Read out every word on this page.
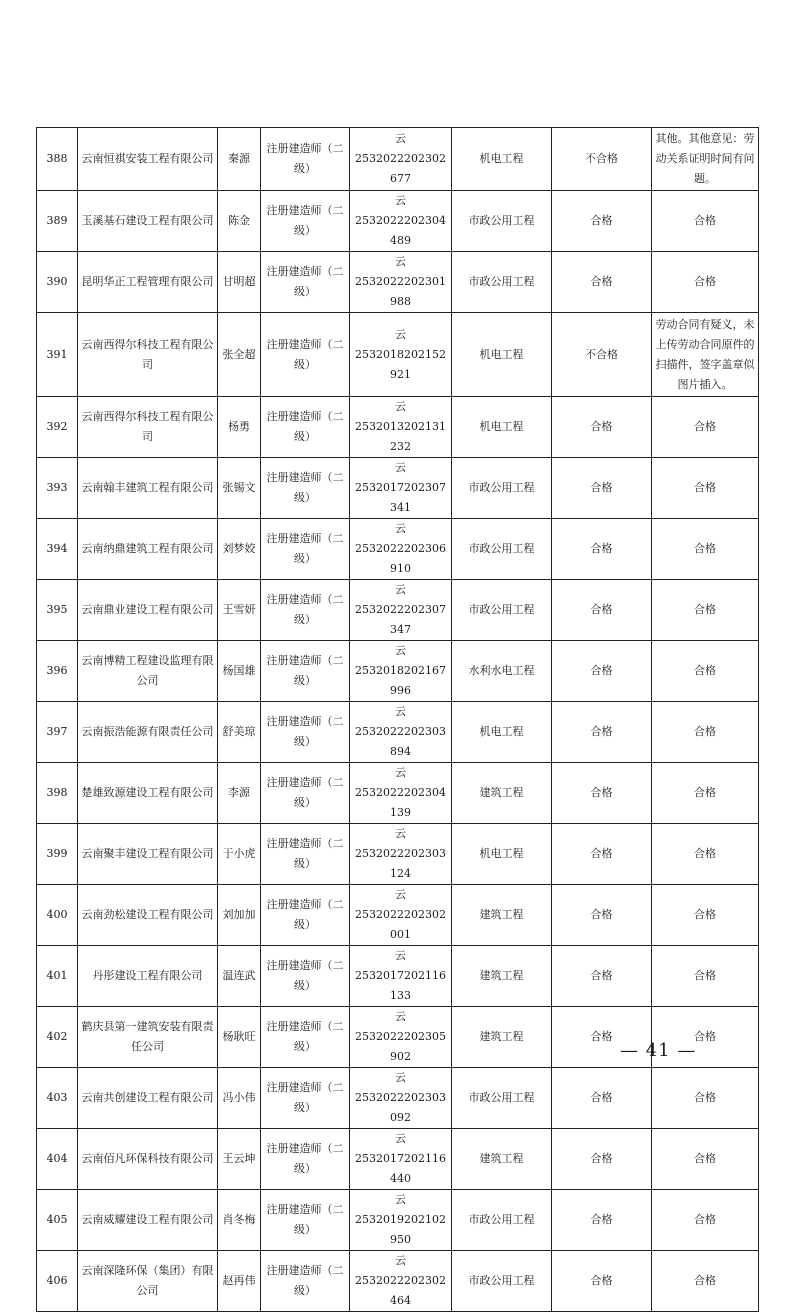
388	云南恒祺安装工程有限公司	秦源	注册建造师（二级）	云
2532022202302677	机电工程	不合格	其他。其他意见：劳动关系证明时间有问题。
389	玉溪基石建设工程有限公司	陈金	注册建造师（二级）	云
2532022202304489	市政公用工程	合格	合格
390	昆明华正工程管理有限公司	甘明超	注册建造师（二级）	云
2532022202301988	市政公用工程	合格	合格
391	云南西得尔科技工程有限公司	张全超	注册建造师（二级）	云
2532018202152921	机电工程	不合格	劳动合同有疑义，未上传劳动合同原件的扫描件，签字盖章似图片插入。
392	云南西得尔科技工程有限公司	杨勇	注册建造师（二级）	云
2532013202131232	机电工程	合格	合格
393	云南翰丰建筑工程有限公司	张锡文	注册建造师（二级）	云
2532017202307341	市政公用工程	合格	合格
394	云南纳鼎建筑工程有限公司	刘梦姣	注册建造师（二级）	云
2532022202306910	市政公用工程	合格	合格
395	云南鼎业建设工程有限公司	王雪妍	注册建造师（二级）	云
2532022202307347	市政公用工程	合格	合格
396	云南博精工程建设监理有限公司	杨国雄	注册建造师（二级）	云
2532018202167996	水利水电工程	合格	合格
397	云南振浩能源有限责任公司	舒美琼	注册建造师（二级）	云
2532022202303894	机电工程	合格	合格
398	楚雄致源建设工程有限公司	李源	注册建造师（二级）	云
2532022202304139	建筑工程	合格	合格
399	云南聚丰建设工程有限公司	于小虎	注册建造师（二级）	云
2532022202303124	机电工程	合格	合格
400	云南劲松建设工程有限公司	刘加加	注册建造师（二级）	云
2532022202302001	建筑工程	合格	合格
401	丹彤建设工程有限公司	温连武	注册建造师（二级）	云
2532017202116133	建筑工程	合格	合格
402	鹤庆县第一建筑安装有限责任公司	杨耿旺	注册建造师（二级）	云
2532022202305902	建筑工程	合格	合格
403	云南共创建设工程有限公司	冯小伟	注册建造师（二级）	云
2532022202303092	市政公用工程	合格	合格
404	云南佰凡环保科技有限公司	王云坤	注册建造师（二级）	云
2532017202116440	建筑工程	合格	合格
405	云南威耀建设工程有限公司	肖冬梅	注册建造师（二级）	云
2532019202102950	市政公用工程	合格	合格
406	云南深隆环保（集团）有限公司	赵再伟	注册建造师（二级）	云
2532022202302464	市政公用工程	合格	合格
— 41 —
